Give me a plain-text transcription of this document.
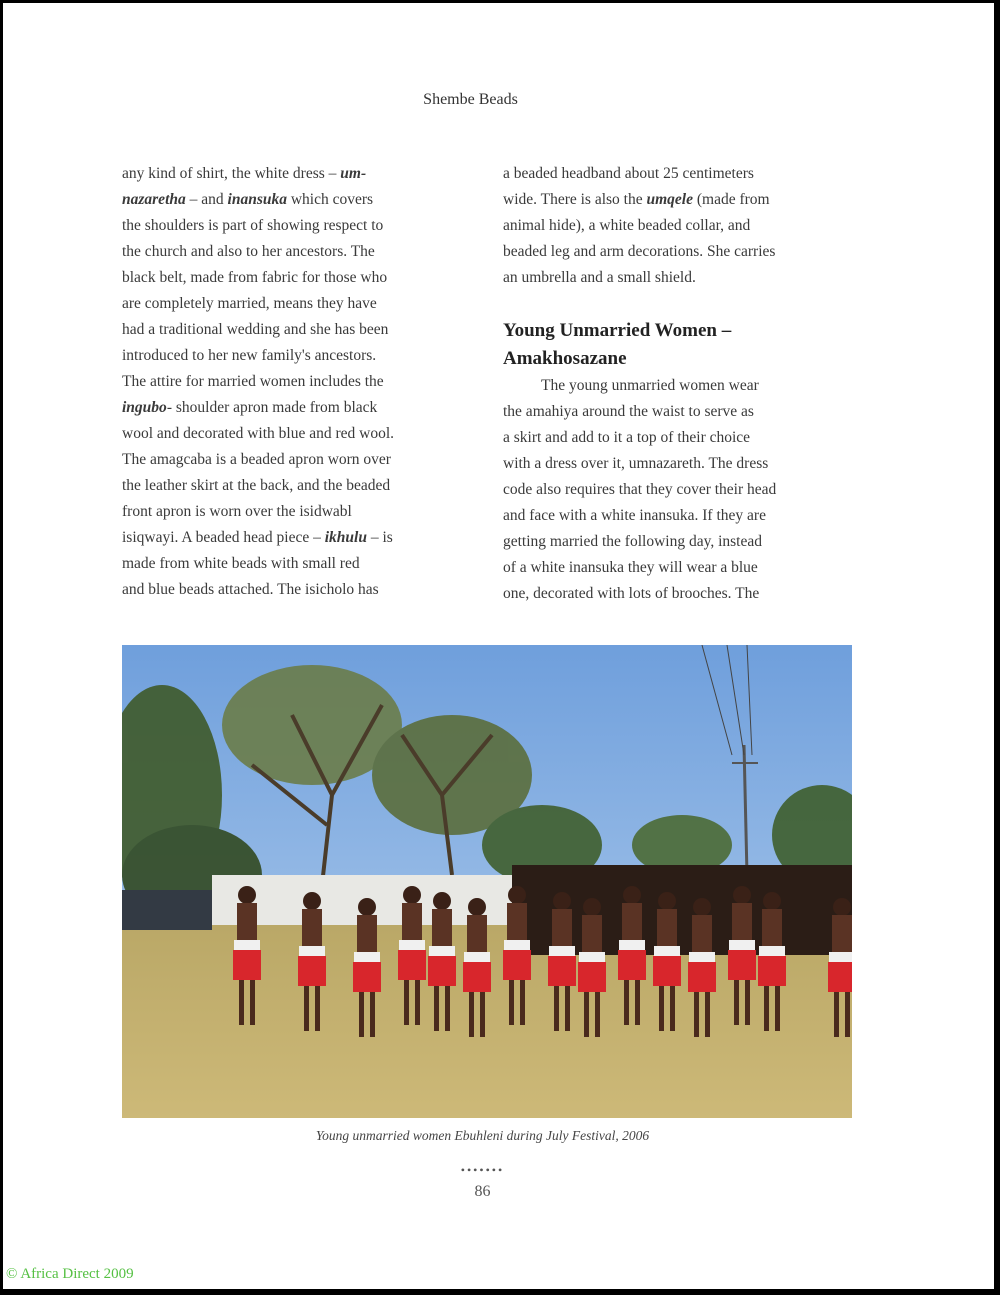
Shembe Beads
any kind of shirt, the white dress – um-
nazaretha – and inansuka which covers
the shoulders is part of showing respect to
the church and also to her ancestors. The
black belt, made from fabric for those who
are completely married, means they have
had a traditional wedding and she has been
introduced to her new family's ancestors.
The attire for married women includes the
ingubo- shoulder apron made from black
wool and decorated with blue and red wool.
The amagcaba is a beaded apron worn over
the leather skirt at the back, and the beaded
front apron is worn over the isidwabl
isiqwayi. A beaded head piece – ikhulu – is
made from white beads with small red
and blue beads attached. The isicholo has
a beaded headband about 25 centimeters
wide. There is also the umqele (made from
animal hide), a white beaded collar, and
beaded leg and arm decorations. She carries
an umbrella and a small shield.
Young Unmarried Women –
Amakhosazane
The young unmarried women wear
the amahiya around the waist to serve as
a skirt and add to it a top of their choice
with a dress over it, umnazareth. The dress
code also requires that they cover their head
and face with a white inansuka. If they are
getting married the following day, instead
of a white inansuka they will wear a blue
one, decorated with lots of brooches. The
Young unmarried women Ebuhleni during July Festival, 2006
•••••••
86
© Africa Direct 2009
